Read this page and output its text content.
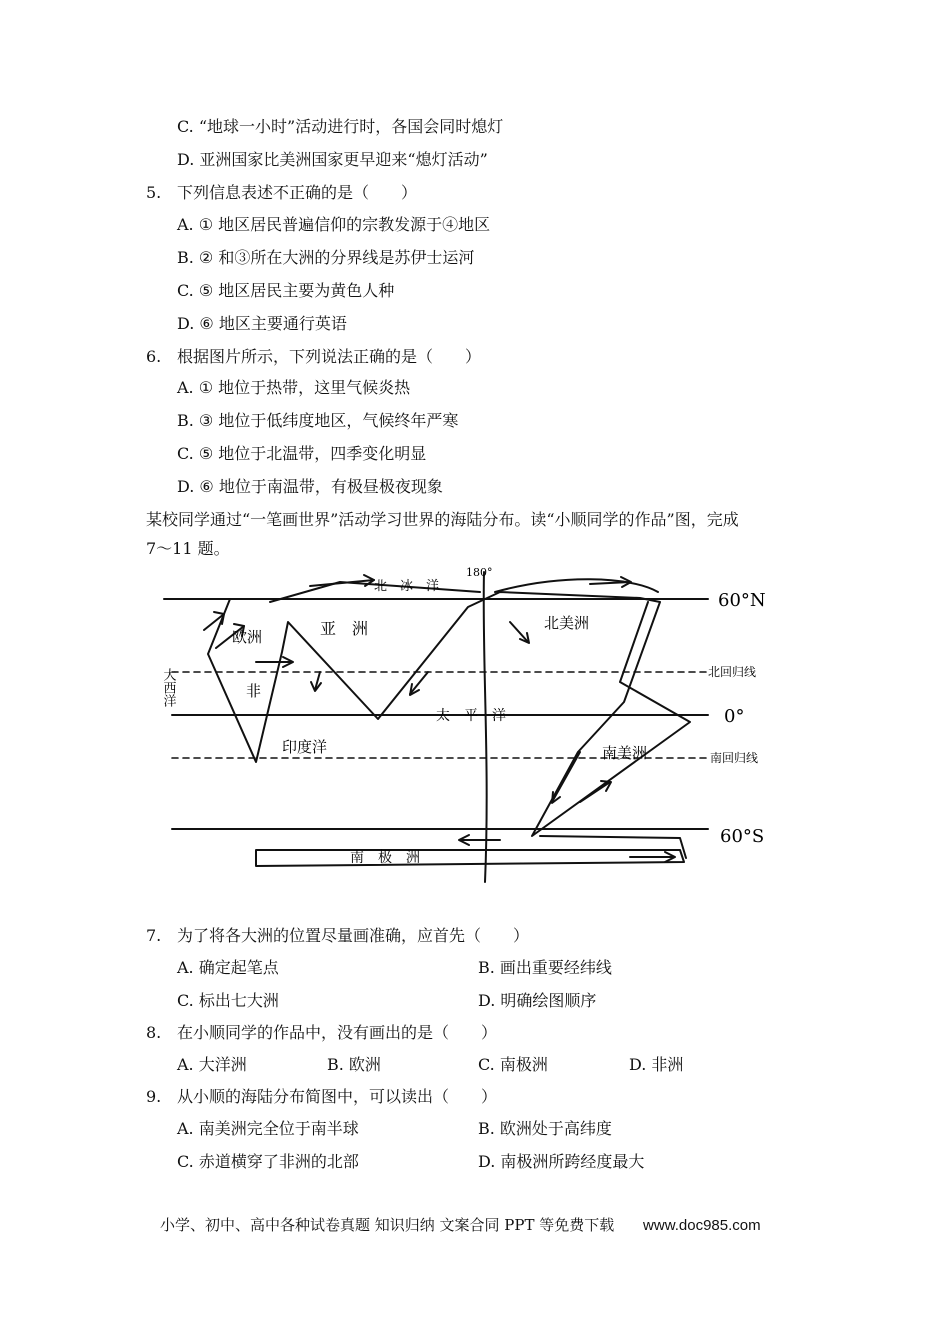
C. “地球一小时”活动进行时，各国会同时熄灯
D. 亚洲国家比美洲国家更早迎来“熄灯活动”
5. 下列信息表述不正确的是（　　）
A. ① 地区居民普遍信仰的宗教发源于④地区
B. ② 和③所在大洲的分界线是苏伊士运河
C. ⑤ 地区居民主要为黄色人种
D. ⑥ 地区主要通行英语
6. 根据图片所示，下列说法正确的是（　　）
A. ① 地位于热带，这里气候炎热
B. ③ 地位于低纬度地区，气候终年严寒
C. ⑤ 地位于北温带，四季变化明显
D. ⑥ 地位于南温带，有极昼极夜现象
某校同学通过“一笔画世界”活动学习世界的海陆分布。读“小顺同学的作品”图，完成
7～11 题。
60°N
北回归线
0°
南回归线
60°S
180°
欧洲	亚　洲	北美洲
非
南美洲
南　极　洲
北　冰　洋
太　平　洋
印度洋
大西洋
7. 为了将各大洲的位置尽量画准确，应首先（　　）
A. 确定起笔点	B. 画出重要经纬线
C. 标出七大洲	D. 明确绘图顺序
8. 在小顺同学的作品中，没有画出的是（　　）
A. 大洋洲	B. 欧洲	C. 南极洲	D. 非洲
9. 从小顺的海陆分布简图中，可以读出（　　）
A. 南美洲完全位于南半球	B. 欧洲处于高纬度
C. 赤道横穿了非洲的北部	D. 南极洲所跨经度最大
小学、初中、高中各种试卷真题 知识归纳 文案合同 PPT 等免费下载 www.doc985.com
